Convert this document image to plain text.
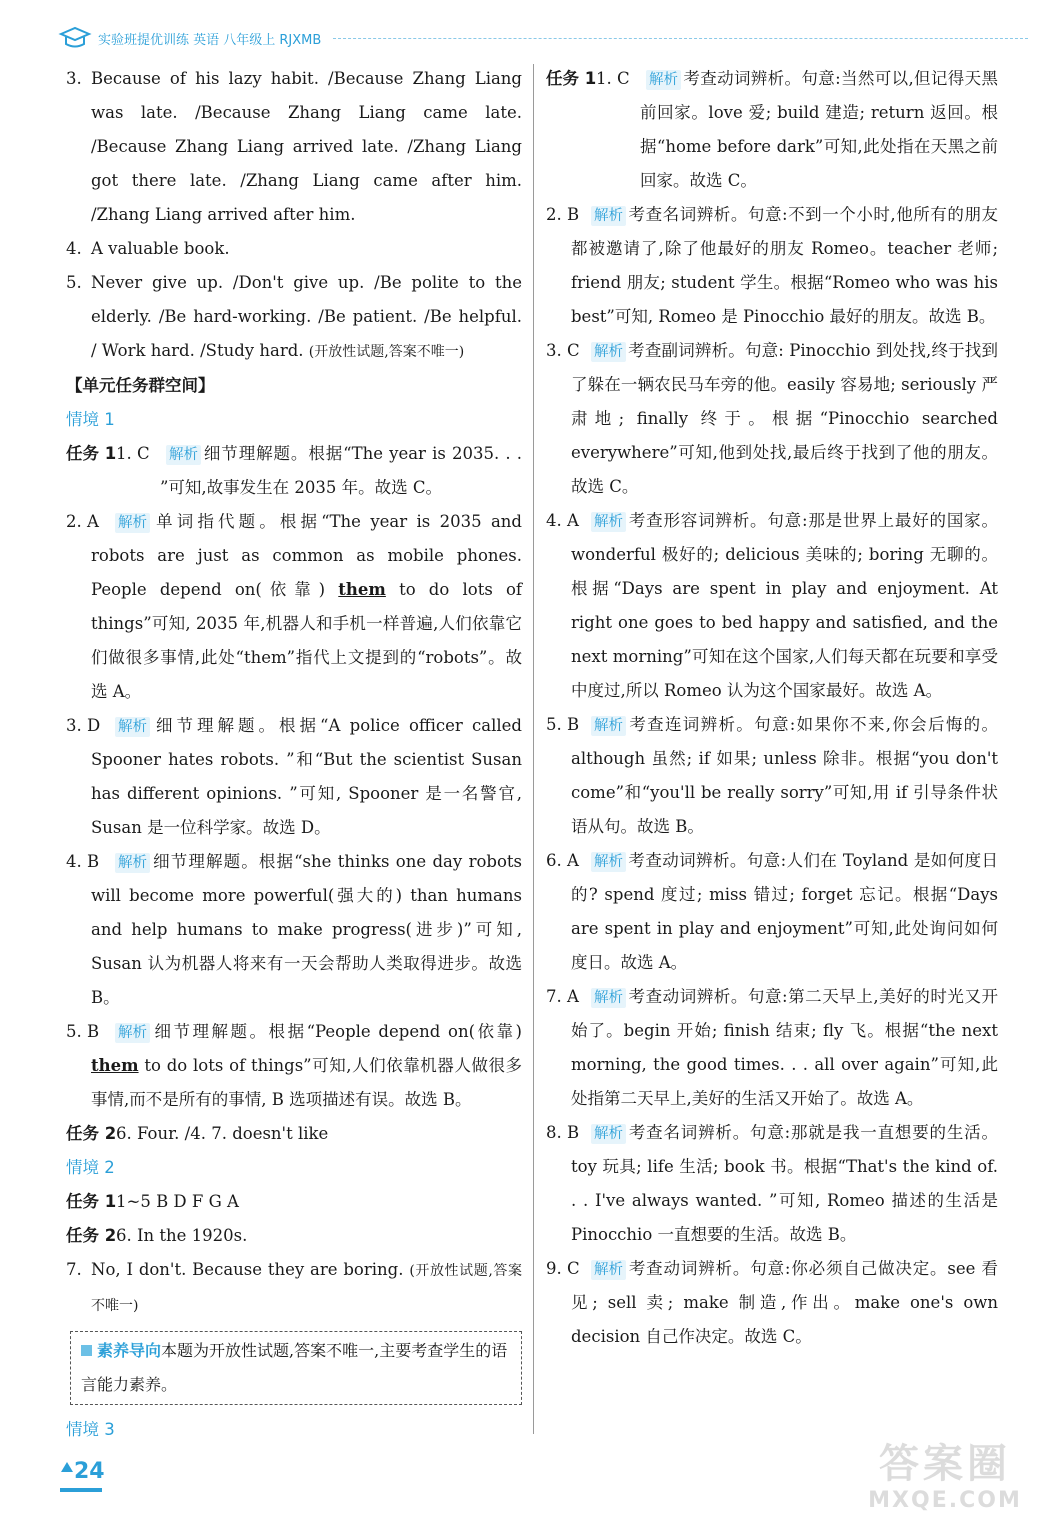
实验班提优训练 英语 八年级上 RJXMB
3. Because of his lazy habit. /Because Zhang Liang was late. /Because Zhang Liang came late. /Because Zhang Liang arrived late. /Zhang Liang got there late. /Zhang Liang came after him. /Zhang Liang arrived after him.
4. A valuable book.
5. Never give up. /Don't give up. /Be polite to the elderly. /Be hard-working. /Be patient. /Be helpful. / Work hard. /Study hard. (开放性试题,答案不唯一)
【单元任务群空间】
情境 1
任务 1 1. C 解析 细节理解题。根据“The year is 2035. . . ”可知,故事发生在 2035 年。故选 C。
2. A 解析 单词指代题。根据“The year is 2035 and robots are just as common as mobile phones. People depend on(依靠) them to do lots of things”可知, 2035 年,机器人和手机一样普遍,人们依靠它们做很多事情,此处“them”指代上文提到的“robots”。故选 A。
3. D 解析 细节理解题。根据“A police officer called Spooner hates robots. ”和“But the scientist Susan has different opinions. ”可知, Spooner 是一名警官, Susan 是一位科学家。故选 D。
4. B 解析 细节理解题。根据“she thinks one day robots will become more powerful(强大的) than humans and help humans to make progress(进步)”可知, Susan 认为机器人将来有一天会帮助人类取得进步。故选 B。
5. B 解析 细节理解题。根据“People depend on(依靠) them to do lots of things”可知,人们依靠机器人做很多事情,而不是所有的事情, B 选项描述有误。故选 B。
任务 2 6. Four. /4. 7. doesn't like
情境 2
任务 1 1~5 B D F G A
任务 2 6. In the 1920s.
7. No, I don't. Because they are boring. (开放性试题,答案不唯一)
素养导向本题为开放性试题,答案不唯一,主要考查学生的语言能力素养。
情境 3
任务 1 1. C 解析 考查动词辨析。句意:当然可以,但记得天黑前回家。love 爱; build 建造; return 返回。根据“home before dark”可知,此处指在天黑之前回家。故选 C。
2. B 解析 考查名词辨析。句意:不到一个小时,他所有的朋友都被邀请了,除了他最好的朋友 Romeo。teacher 老师; friend 朋友; student 学生。根据“Romeo who was his best”可知, Romeo 是 Pinocchio 最好的朋友。故选 B。
3. C 解析 考查副词辨析。句意: Pinocchio 到处找,终于找到了躲在一辆农民马车旁的他。easily 容易地; seriously 严肃地; finally 终于。根据“Pinocchio searched everywhere”可知,他到处找,最后终于找到了他的朋友。故选 C。
4. A 解析 考查形容词辨析。句意:那是世界上最好的国家。wonderful 极好的; delicious 美味的; boring 无聊的。根据“Days are spent in play and enjoyment. At right one goes to bed happy and satisfied, and the next morning”可知在这个国家,人们每天都在玩要和享受中度过,所以 Romeo 认为这个国家最好。故选 A。
5. B 解析 考查连词辨析。句意:如果你不来,你会后悔的。although 虽然; if 如果; unless 除非。根据“you don't come”和“you'll be really sorry”可知,用 if 引导条件状语从句。故选 B。
6. A 解析 考查动词辨析。句意:人们在 Toyland 是如何度日的? spend 度过; miss 错过; forget 忘记。根据“Days are spent in play and enjoyment”可知,此处询问如何度日。故选 A。
7. A 解析 考查动词辨析。句意:第二天早上,美好的时光又开始了。begin 开始; finish 结束; fly 飞。根据“the next morning, the good times. . . all over again”可知,此处指第二天早上,美好的生活又开始了。故选 A。
8. B 解析 考查名词辨析。句意:那就是我一直想要的生活。toy 玩具; life 生活; book 书。根据“That's the kind of. . . I've always wanted. ”可知, Romeo 描述的生活是 Pinocchio 一直想要的生活。故选 B。
9. C 解析 考查动词辨析。句意:你必须自己做决定。see 看见; sell 卖; make 制造,作出。make one's own decision 自己作决定。故选 C。
24	答案圈
MXQE.COM
